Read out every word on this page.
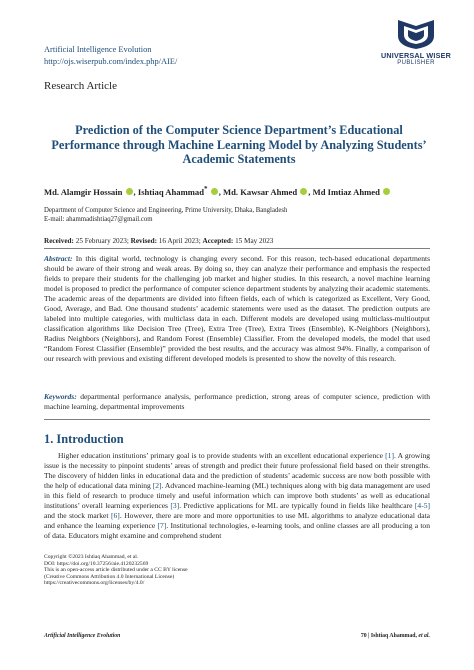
Artificial Intelligence Evolution
http://ojs.wiserpub.com/index.php/AIE/
UNIVERSAL WISER
PUBLISHER
Research Article
Prediction of the Computer Science Department’s Educational Performance through Machine Learning Model by Analyzing Students’ Academic Statements
Md. Alamgir Hossain , Ishtiaq Ahammad* , Md. Kawsar Ahmed , Md Imtiaz Ahmed
Department of Computer Science and Engineering, Prime University, Dhaka, Bangladesh
E-mail: ahammadishtiaq27@gmail.com
Received: 25 February 2023; Revised: 16 April 2023; Accepted: 15 May 2023
Abstract: In this digital world, technology is changing every second. For this reason, tech-based educational departments should be aware of their strong and weak areas. By doing so, they can analyze their performance and emphasis the respected fields to prepare their students for the challenging job market and higher studies. In this research, a novel machine learning model is proposed to predict the performance of computer science department students by analyzing their academic statements. The academic areas of the departments are divided into fifteen fields, each of which is categorized as Excellent, Very Good, Good, Average, and Bad. One thousand students’ academic statements were used as the dataset. The prediction outputs are labeled into multiple categories, with multiclass data in each. Different models are developed using multiclass-multioutput classification algorithms like Decision Tree (Tree), Extra Tree (Tree), Extra Trees (Ensemble), K-Neighbors (Neighbors), Radius Neighbors (Neighbors), and Random Forest (Ensemble) Classifier. From the developed models, the model that used “Random Forest Classifier (Ensemble)” provided the best results, and the accuracy was almost 94%. Finally, a comparison of our research with previous and existing different developed models is presented to show the novelty of this research.
Keywords: departmental performance analysis, performance prediction, strong areas of computer science, prediction with machine learning, departmental improvements
1. Introduction
Higher education institutions’ primary goal is to provide students with an excellent educational experience [1]. A growing issue is the necessity to pinpoint students’ areas of strength and predict their future professional field based on their strengths. The discovery of hidden links in educational data and the prediction of students’ academic success are now both possible with the help of educational data mining [2]. Advanced machine-learning (ML) techniques along with big data management are used in this field of research to produce timely and useful information which can improve both students’ as well as educational institutions’ overall learning experiences [3]. Predictive applications for ML are typically found in fields like healthcare [4-5] and the stock market [6]. However, there are more and more opportunities to use ML algorithms to analyze educational data and enhance the learning experience [7]. Institutional technologies, e-learning tools, and online classes are all producing a ton of data. Educators might examine and comprehend student
Copyright ©2023 Ishtiaq Ahammad, et al.
DOI: https://doi.org/10.37256/aie.4120232569
This is an open-access article distributed under a CC BY license
(Creative Commons Attribution 4.0 International License)
https://creativecommons.org/licenses/by/4.0/
Artificial Intelligence Evolution	70 | Ishtiaq Ahammad, et al.
